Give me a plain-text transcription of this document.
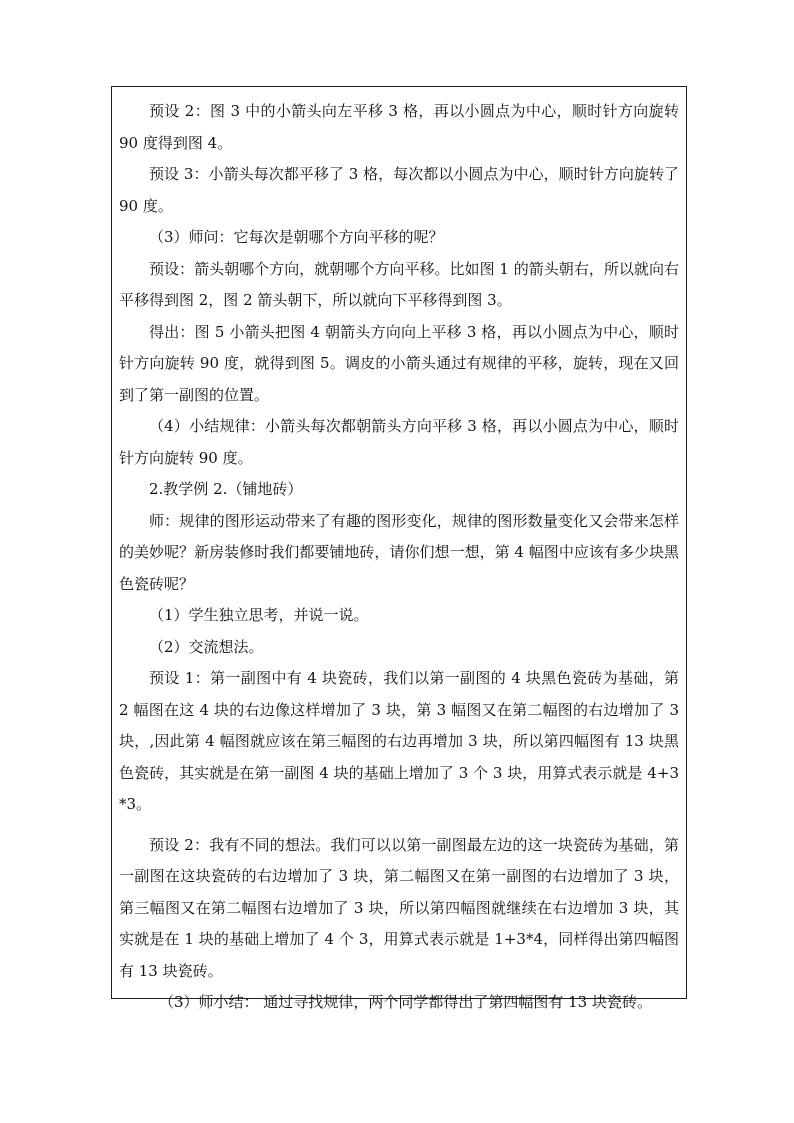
预设 2：图 3 中的小箭头向左平移 3 格，再以小圆点为中心，顺时针方向旋转 90 度得到图 4。

预设 3：小箭头每次都平移了 3 格，每次都以小圆点为中心，顺时针方向旋转了 90 度。

（3）师问：它每次是朝哪个方向平移的呢？

预设：箭头朝哪个方向，就朝哪个方向平移。比如图 1 的箭头朝右，所以就向右平移得到图 2，图 2 箭头朝下，所以就向下平移得到图 3。

得出：图 5 小箭头把图 4 朝箭头方向向上平移 3 格，再以小圆点为中心，顺时针方向旋转 90 度，就得到图 5。调皮的小箭头通过有规律的平移，旋转，现在又回到了第一副图的位置。

（4）小结规律：小箭头每次都朝箭头方向平移 3 格，再以小圆点为中心，顺时针方向旋转 90 度。

2.教学例 2.（铺地砖）

师：规律的图形运动带来了有趣的图形变化，规律的图形数量变化又会带来怎样的美妙呢？新房装修时我们都要铺地砖，请你们想一想，第 4 幅图中应该有多少块黑色瓷砖呢？

（1）学生独立思考，并说一说。

（2）交流想法。

预设 1：第一副图中有 4 块瓷砖，我们以第一副图的 4 块黑色瓷砖为基础，第 2 幅图在这 4 块的右边像这样增加了 3 块，第 3 幅图又在第二幅图的右边增加了 3 块，,因此第 4 幅图就应该在第三幅图的右边再增加 3 块，所以第四幅图有 13 块黑色瓷砖，其实就是在第一副图 4 块的基础上增加了 3 个 3 块，用算式表示就是 4+3*3。

预设 2：我有不同的想法。我们可以以第一副图最左边的这一块瓷砖为基础，第一副图在这块瓷砖的右边增加了 3 块，第二幅图又在第一副图的右边增加了 3 块，第三幅图又在第二幅图右边增加了 3 块，所以第四幅图就继续在右边增加 3 块，其实就是在 1 块的基础上增加了 4 个 3，用算式表示就是 1+3*4，同样得出第四幅图有 13 块瓷砖。

（3）师小结： 通过寻找规律，两个同学都得出了第四幅图有 13 块瓷砖。
